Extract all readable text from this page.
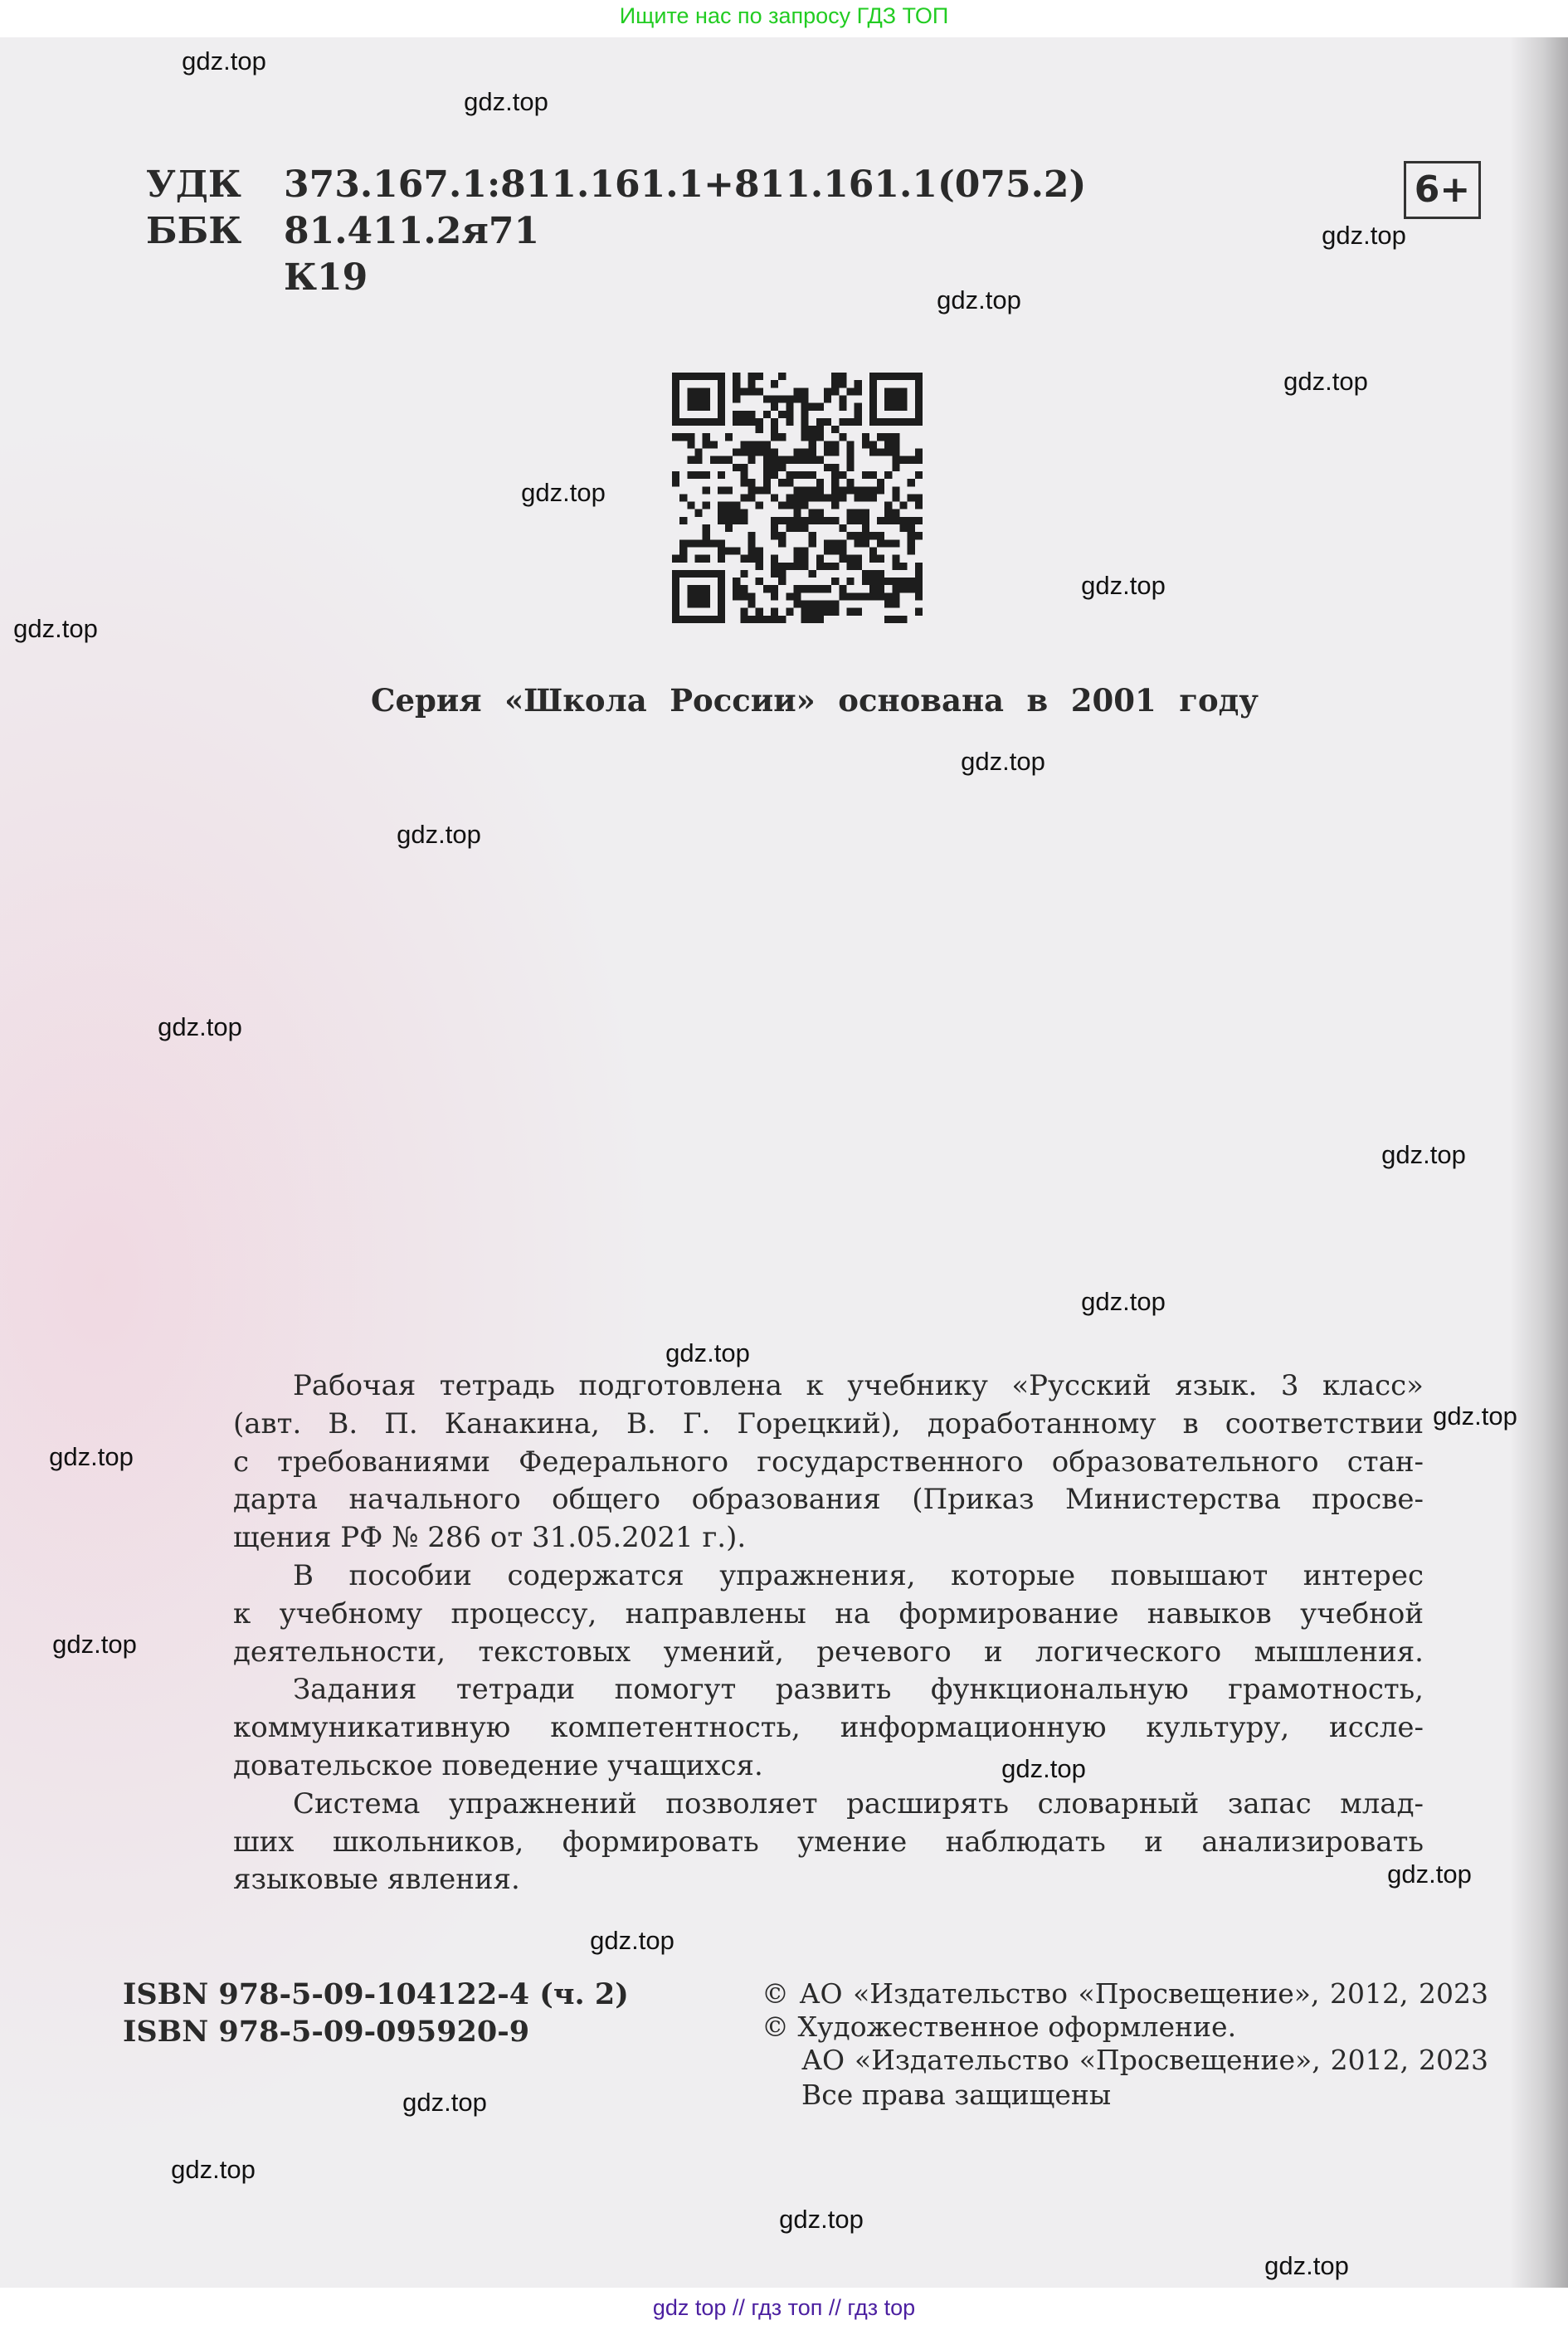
Ищите нас по запросу ГДЗ ТОП
УДК 373.167.1:811.161.1+811.161.1(075.2)
ББК 81.411.2я71
К19
6+
Серия «Школа России» основана в 2001 году
Рабочая тетрадь подготовлена к учебнику «Русский язык. 3 класс»
(авт. В. П. Канакина, В. Г. Горецкий), доработанному в соответствии
с требованиями Федерального государственного образовательного стан-
дарта начального общего образования (Приказ Министерства просве-
щения РФ № 286 от 31.05.2021 г.).
В пособии содержатся упражнения, которые повышают интерес
к учебному процессу, направлены на формирование навыков учебной
деятельности, текстовых умений, речевого и логического мышления.
Задания тетради помогут развить функциональную грамотность,
коммуникативную компетентность, информационную культуру, иссле-
довательское поведение учащихся.
Система упражнений позволяет расширять словарный запас млад-
ших школьников, формировать умение наблюдать и анализировать
языковые явления.
ISBN 978-5-09-104122-4 (ч. 2)
ISBN 978-5-09-095920-9
© АО «Издательство «Просвещение», 2012, 2023
© Художественное оформление.
АО «Издательство «Просвещение», 2012, 2023
Все права защищены
gdz.top
gdz.top
gdz.top
gdz.top
gdz.top
gdz.top
gdz.top
gdz.top
gdz.top
gdz.top
gdz.top
gdz.top
gdz.top
gdz.top
gdz.top
gdz.top
gdz.top
gdz.top
gdz.top
gdz.top
gdz.top
gdz.top
gdz.top
gdz.top
gdz top // гдз топ // гдз top
